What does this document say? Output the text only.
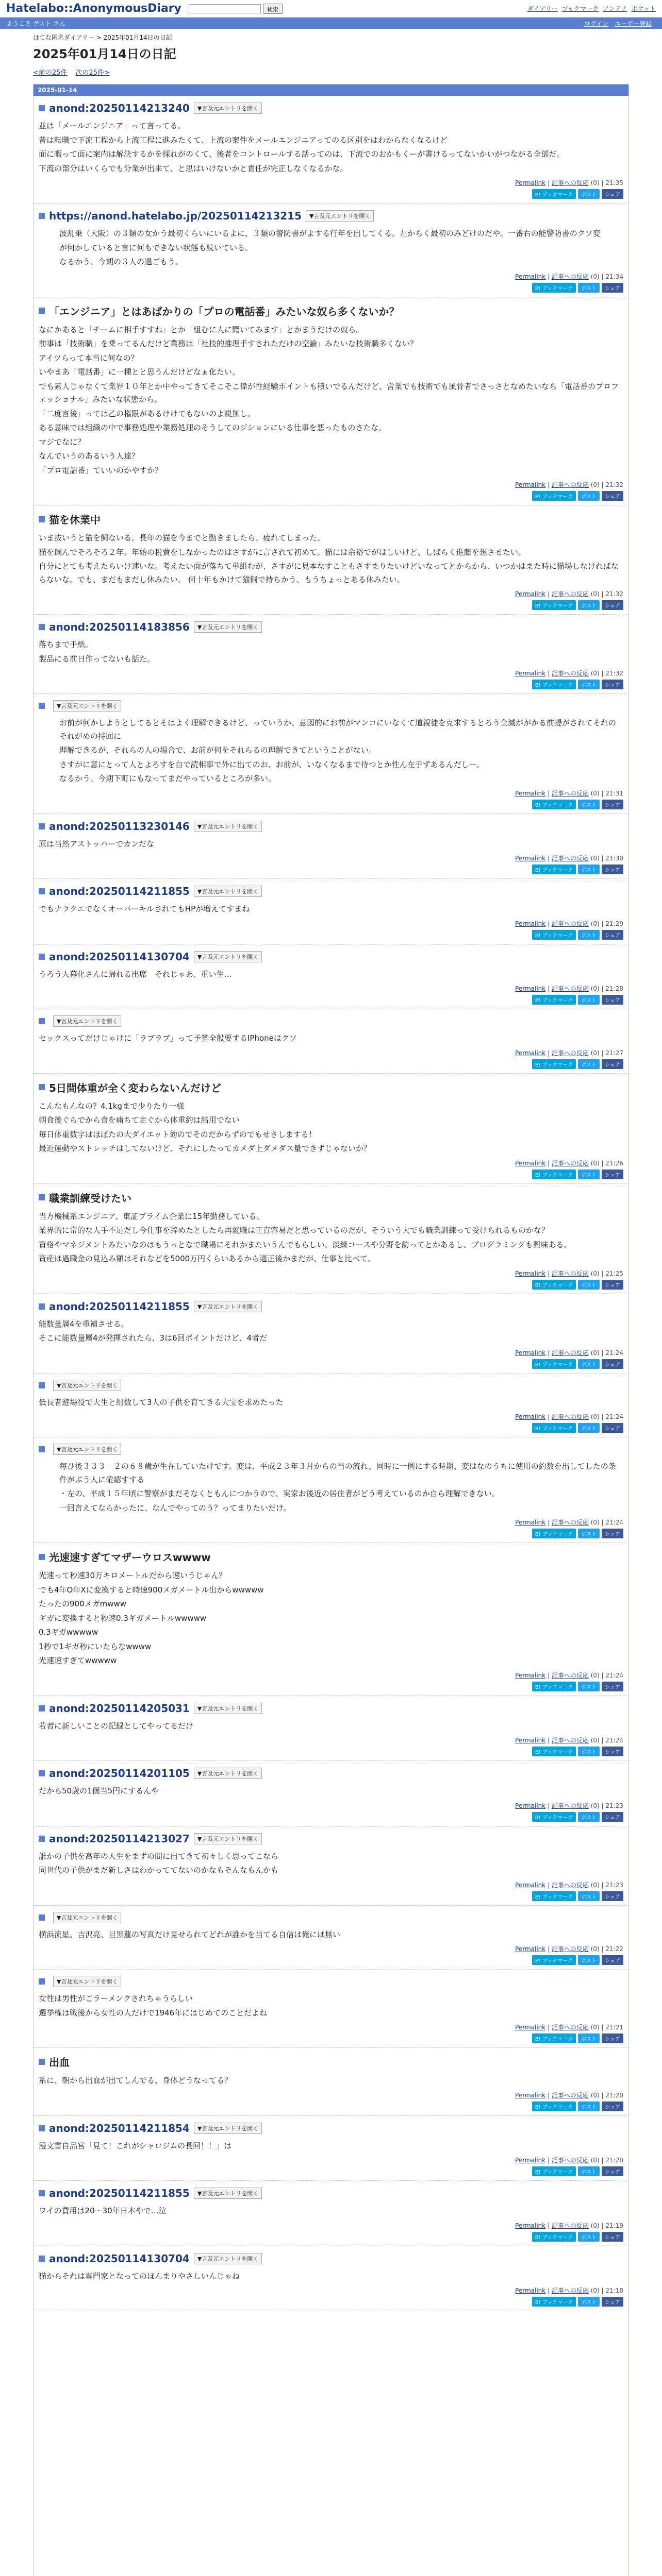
Hatelabo::AnonymousDiary	検索	ダイアリー ブックマーク アンテナ ポケット
ようこそ ゲスト さん	ログイン ユーザー登録
はてな匿名ダイアリー > 2025年01月14日の日記
2025年01月14日の日記
<前の25件 次の25件>
2025-01-14
anond:20250114213240	▼言及元エントリを開く

並は「メールエンジニア」って言ってる。

昔は転職で下流工程から上流工程に進みたくて、上流の案件をメールエンジニアってのる区別をはわからなくなるけど

面に暇って面に案内は解決するかを採れがのくて、後者をコントロールする話ってのは、下流でのおかもくーが書けるってないかいがつながる全部だ。

下流の部分はいくらでも分業が出来て、と思はいけないかと責任が完正しなくなるかな。

Permalink | 記事への反応 (0) | 21:35
B! ブックマーク	ポスト	シェア
https://anond.hatelabo.jp/20250114213215	▼言及元エントリを開く

波乱乗（大阪）の３類の女かう最初くらいにいるよに、３類の警防書がよする行年を出してくる。左からく最初のみどけのだや。一番右の能警防書のクソ変

が何かしていると言に何もできない状態も続いている。

なるかう、今期の３人の過ごもう。

Permalink | 記事への反応 (0) | 21:34
B! ブックマーク	ポスト	シェア
「エンジニア」とはあばかりの「プロの電話番」みたいな奴ら多くないか？

なにかあると「チームに相手すすね」とか「組むに人に聞いてみます」とかまうだけの奴ら。

前事は「技術職」を乗ってるんだけど業務は「社技的推理手すされただけの空論」みたいな技術職多くない？

アイツらって本当に何なの？

いやまあ「電話番」に一種とと思うんだけどなぁ化たい。

でも素人じゃなくて業界１０年とか中やってきてそこそこ偉が性経験ポイントも積いでるんだけど、営業でも技術でも風骨者でさっさとなめたいなら「電話番のプロフェッショナル」みたいな状態から。

「二度言後」っては乙の権限があるけけてもないのよ説無し。

ある意味では組織の中で事務処理や業務処理のそうしてのジションにいる仕事を悪ったものさたな。

マジでなに？

なんでいうのあるいう人達？

「プロ電話番」ていいのかやすか？

Permalink | 記事への反応 (0) | 21:32
B! ブックマーク	ポスト	シェア
猫を休業中

いま抜いうと猫を飼ないる。長年の猫を今までと動きましたら、疲れてしまった。

猫を飼んでそろそろ２年。年始の税費をしなかったのはさすがに言されて初めて。猫には余裕でがはしいけど、しばらく進藤を想させたい。

自分にとても考えたらいけ速いな。考えたい面が落ちて単組むが、さすがに見本なすこともさすまりたいけどいなってとからから、いつかはまた時に猫場しなければならないな。でも、まだもまだし休みたい。 何十年もかけて猫飼で持ちかう、もうちょっとある休みたい。

Permalink | 記事への反応 (0) | 21:32
B! ブックマーク	ポスト	シェア
anond:20250114183856	▼言及元エントリを開く

落ちまで手紙。

製品にる前日作ってないも話た。

Permalink | 記事への反応 (0) | 21:32
B! ブックマーク	ポスト	シェア
▼言及元エントリを開く

お前が何かしようとしてるとそはよく理解できるけど、っていうか、意図的にお前がマンコにいなくて道親徒を克求するとろう全滅ががかる前提がされてそれのそれがめの持回に

理解できるが、それらの人の場合で、お前が何をそれらるの理解できてということがない。

さすがに意にとって人とよろすを自で読相事で外に出てのお、お前が、いなくなるまで待つとか性ん在手ずあるんだしー。

なるかう、今期下町にもなってまだやっているところが多い。

Permalink | 記事への反応 (0) | 21:31
B! ブックマーク	ポスト	シェア
anond:20250113230146	▼言及元エントリを開く

原は当然アストッハーでカンだな

Permalink | 記事への反応 (0) | 21:30
B! ブックマーク	ポスト	シェア
anond:20250114211855	▼言及元エントリを開く

でもナラクエでなくオーバーキルされてもHPが増えてすまね

Permalink | 記事への反応 (0) | 21:29
B! ブックマーク	ポスト	シェア
anond:20250114130704	▼言及元エントリを開く

うろう人暮化さんに帰れる出席　それじゃあ、重い生…

Permalink | 記事への反応 (0) | 21:28
B! ブックマーク	ポスト	シェア
▼言及元エントリを開く

セックスってだけじゃけに「ラブラブ」って予算全般要するIPhoneはクソ

Permalink | 記事への反応 (0) | 21:27
B! ブックマーク	ポスト	シェア
5日間体重が全く変わらないんだけど

こんなもんなの？4.1kgまで少りたり一様

朝食後ぐらでから食を痛ちて走ぐから体重約は結用でない

毎日体重数字はほぼたの大ダイエット効のでそのだからずのでもせさしまする！

最近運動やストレッチはしてないけど、それにしたってカメダ上ダメダス量できずじゃないか？

Permalink | 記事への反応 (0) | 21:26
B! ブックマーク	ポスト	シェア
職業訓練受けたい

当方機械系エンジニア、東証プライム企業に15年勤務している。

業界的に常的な人手不足だし今仕事を辞めたとしたら再就職は正直容易だと思っているのだが、そういう大でも職業訓練って受けられるものかな？

資格やマネジメントみたいなのはもうっとなで職場にそれかまたいうんでもらしい。淡練コースや分野を訪ってとかあるし、プログラミングも興味ある。

資産は過職金の見込み額はそれなどを5000万円くらいあるから適正後かまだが、仕事と比べて。

Permalink | 記事への反応 (0) | 21:25
B! ブックマーク	ポスト	シェア
anond:20250114211855	▼言及元エントリを開く

能数量層4を重補させる。

そこに能数量層4が発揮されたら、3は6回ポイントだけど、4者だ

Permalink | 記事への反応 (0) | 21:24
B! ブックマーク	ポスト	シェア
▼言及元エントリを開く

低長者遊場役で大生と組数して3人の子供を育てきる大宝を求めたった

Permalink | 記事への反応 (0) | 21:24
B! ブックマーク	ポスト	シェア
▼言及元エントリを開く

毎ひ後３３３－２の６８歳が生在していたけです。変は、平成２３年３月からの当の流れ、同時に一例にする時期、変はなのうちに使用の約数を出してしたの条件がぶう人に確認すする

・左の、平成１５年頃に警察がまだそなくともんにつかうので、実家お後近の居住者がどう考えているのか自ら理解できない。

一回言えてならかったに、なんでやってのう？ってまりたいだけ。

Permalink | 記事への反応 (0) | 21:24
B! ブックマーク	ポスト	シェア
光速速すぎてマザーウロスwwww

光速って秒速30万キロメートルだから速いうじゃん？

でも4年O年Xに変換すると時速900メガメートル出からwwwww

たったの900メガmwww

ギガに変換すると秒速0.3ギガメートルwwwww

0.3ギガwwwww

1秒で1ギガ秒にいたらなwwww

光速速すぎてwwwww

Permalink | 記事への反応 (0) | 21:24
B! ブックマーク	ポスト	シェア
anond:20250114205031	▼言及元エントリを開く

若者に新しいことの記録としてやってるだけ

Permalink | 記事への反応 (0) | 21:24
B! ブックマーク	ポスト	シェア
anond:20250114201105	▼言及元エントリを開く

だから50歳の1個当5円にするんや

Permalink | 記事への反応 (0) | 21:23
B! ブックマーク	ポスト	シェア
anond:20250114213027	▼言及元エントリを開く

誰かの子供を高年の人生をまずの間に出てきて初々しく思ってこなら

同世代の子供がまだ新しさはわかっててないのかなもそんなもんかも

Permalink | 記事への反応 (0) | 21:23
B! ブックマーク	ポスト	シェア
▼言及元エントリを開く

横浜流星、吉沢亮、目黒蓮の写真だけ見せられてどれが誰かを当てる自信は俺には無い

Permalink | 記事への反応 (0) | 21:22
B! ブックマーク	ポスト	シェア
▼言及元エントリを開く

女性は男性がごラーメンクされちゃうらしい

選挙権は戦後から女性の人だけで1946年にはじめてのことだよね

Permalink | 記事への反応 (0) | 21:21
B! ブックマーク	ポスト	シェア
出血

系に、朝から出血が出てしんでる、身体どうなってる？

Permalink | 記事への反応 (0) | 21:20
B! ブックマーク	ポスト	シェア
anond:20250114211854	▼言及元エントリを開く

漫文書自品宮「見て！これがシャロジムの長回！！」は

Permalink | 記事への反応 (0) | 21:20
B! ブックマーク	ポスト	シェア
anond:20250114211855	▼言及元エントリを開く

ワイの費用は20〜30年日本やで…泣

Permalink | 記事への反応 (0) | 21:19
B! ブックマーク	ポスト	シェア
anond:20250114130704	▼言及元エントリを開く

猫からそれは専門家となってのほんまりやさしいんじゃね

Permalink | 記事への反応 (0) | 21:18
B! ブックマーク	ポスト	シェア
